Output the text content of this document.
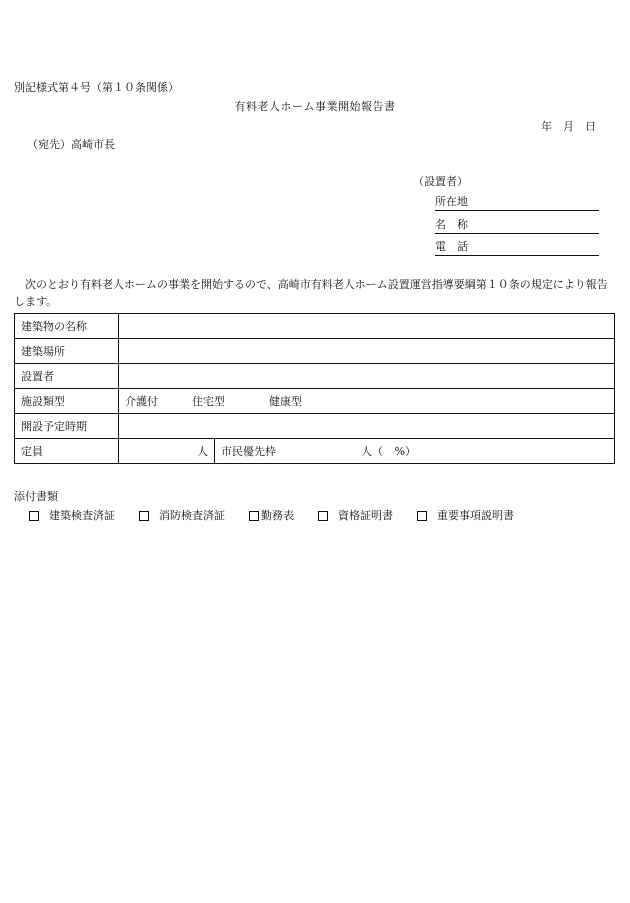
別記様式第４号（第１０条関係）
有料老人ホーム事業開始報告書
年　月　日
（宛先）高崎市長
（設置者）
所在地
名　称
電　話
次のとおり有料老人ホームの事業を開始するので、高崎市有料老人ホーム設置運営指導要綱第１０条の規定により報告します。
建築物の名称		
建築場所		
設置者		
施設類型	介護付 住宅型 健康型	

開設予定時期		
定員	人	市民優先枠 人（ %）
添付書類
建築検査済証	消防検査済証	勤務表	資格証明書	重要事項説明書
